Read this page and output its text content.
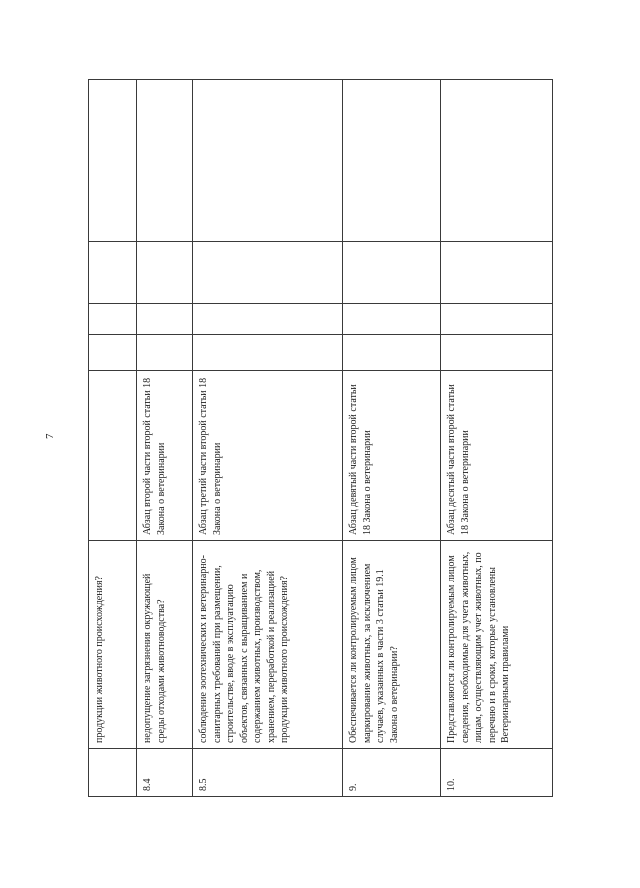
7
	продукции животного происхождения?					
8.4	недопущение загрязнения окружающей среды отходами животноводства?	Абзац второй части второй статьи 18 Закона о ветеринарии				
8.5	соблюдение зоотехнических и ветеринарно-санитарных требований при размещении, строительстве, вводе в эксплуатацию объектов, связанных с выращиванием и содержанием животных, производством, хранением, переработкой и реализацией продукции животного происхождения?	Абзац третий части второй статьи 18 Закона о ветеринарии				
9.	Обеспечивается ли контролируемым лицом маркирование животных, за исключением случаев, указанных в части 3 статьи 19.1 Закона о ветеринарии?	Абзац девятый части второй статьи 18 Закона о ветеринарии				
10.	Представляются ли контролируемым лицом сведения, необходимые для учета животных, лицам, осуществляющим учет животных, по перечню и в сроки, которые установлены Ветеринарными правилами	Абзац десятый части второй статьи 18 Закона о ветеринарии				
